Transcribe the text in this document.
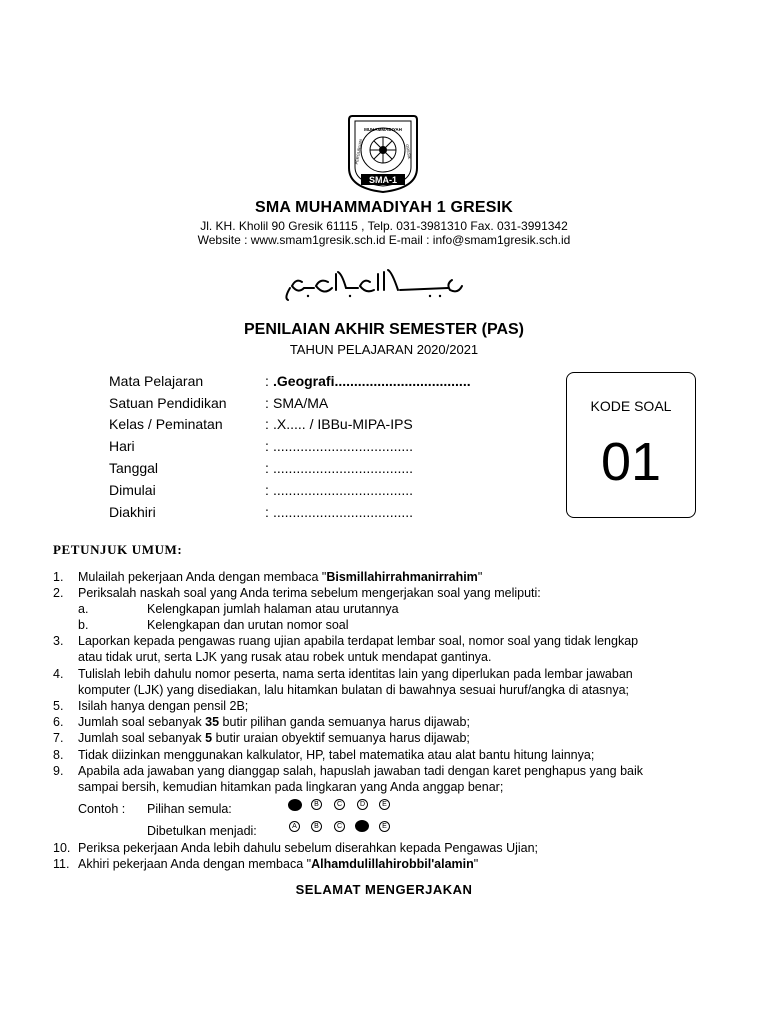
MUHAMMADIYAH
PERGURUAN	GRESIK
SMA-1
SMA MUHAMMADIYAH 1 GRESIK
Jl. KH. Kholil 90 Gresik 61115 , Telp. 031-3981310 Fax. 031-3991342
Website : www.smam1gresik.sch.id E-mail : info@smam1gresik.sch.id
PENILAIAN AKHIR SEMESTER (PAS)
TAHUN PELAJARAN 2020/2021
Mata Pelajaran	: .Geografi...................................
Satuan Pendidikan	: SMA/MA
Kelas / Peminatan	: .X..... / IBBu-MIPA-IPS
Hari	: ....................................
Tanggal	: ....................................
Dimulai	: ....................................
Diakhiri	: ....................................
KODE SOAL
01
PETUNJUK UMUM:
1. Mulailah pekerjaan Anda dengan membaca "Bismillahirrahmanirrahim"
2. Periksalah naskah soal yang Anda terima sebelum mengerjakan soal yang meliputi:
a.	Kelengkapan jumlah halaman atau urutannya
b.	Kelengkapan dan urutan nomor soal
3. Laporkan kepada pengawas ruang ujian apabila terdapat lembar soal, nomor soal yang tidak lengkap
atau tidak urut, serta LJK yang rusak atau robek untuk mendapat gantinya.
4. Tulislah lebih dahulu nomor peserta, nama serta identitas lain yang diperlukan pada lembar jawaban
komputer (LJK) yang disediakan, lalu hitamkan bulatan di bawahnya sesuai huruf/angka di atasnya;
5. Isilah hanya dengan pensil 2B;
6. Jumlah soal sebanyak 35 butir pilihan ganda semuanya harus dijawab;
7. Jumlah soal sebanyak 5 butir uraian obyektif semuanya harus dijawab;
8. Tidak diizinkan menggunakan kalkulator, HP, tabel matematika atau alat bantu hitung lainnya;
9. Apabila ada jawaban yang dianggap salah, hapuslah jawaban tadi dengan karet penghapus yang baik
sampai bersih, kemudian hitamkan pada lingkaran yang Anda anggap benar;
Contoh : Pilihan semula:
Dibetulkan menjadi:
B	C	D	E
A	B	C	E
10. Periksa pekerjaan Anda lebih dahulu sebelum diserahkan kepada Pengawas Ujian;
11. Akhiri pekerjaan Anda dengan membaca "Alhamdulillahirobbil'alamin"
SELAMAT MENGERJAKAN
